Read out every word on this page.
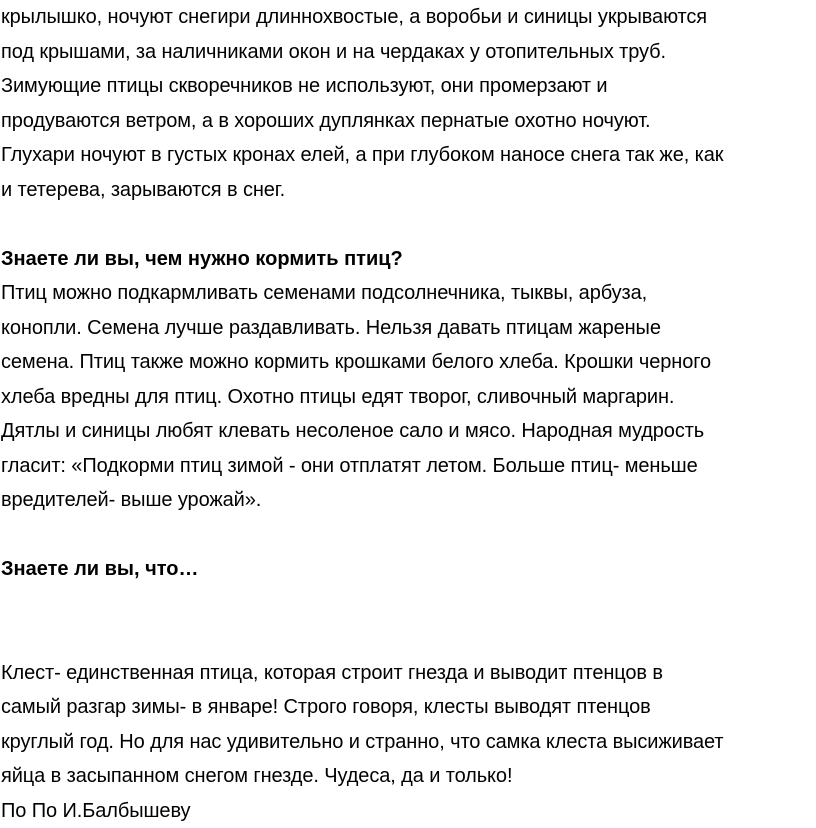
крылышко, ночуют снегири длиннохвостые, а воробьи и синицы укрываются
под крышами, за наличниками окон и на чердаках у отопительных труб.
Зимующие птицы скворечников не используют, они промерзают и
продуваются ветром, а в хороших дуплянках пернатые охотно ночуют.
Глухари ночуют в густых кронах елей, а при глубоком наносе снега так же, как
и тетерева, зарываются в снег.
Знаете ли вы, чем нужно кормить птиц?
Птиц можно подкармливать семенами подсолнечника, тыквы, арбуза,
конопли. Семена лучше раздавливать. Нельзя давать птицам жареные
семена. Птиц также можно кормить крошками белого хлеба. Крошки черного
хлеба вредны для птиц. Охотно птицы едят творог, сливочный маргарин.
Дятлы и синицы любят клевать несоленое сало и мясо. Народная мудрость
гласит: «Подкорми птиц зимой - они отплатят летом. Больше птиц- меньше
вредителей- выше урожай».
Знаете ли вы, что…
Клест- единственная птица, которая строит гнезда и выводит птенцов в
самый разгар зимы- в январе! Строго говоря, клесты выводят птенцов
круглый год. Но для нас удивительно и странно, что самка клеста высиживает
яйца в засыпанном снегом гнезде. Чудеса, да и только!
По По И.Балбышеву
